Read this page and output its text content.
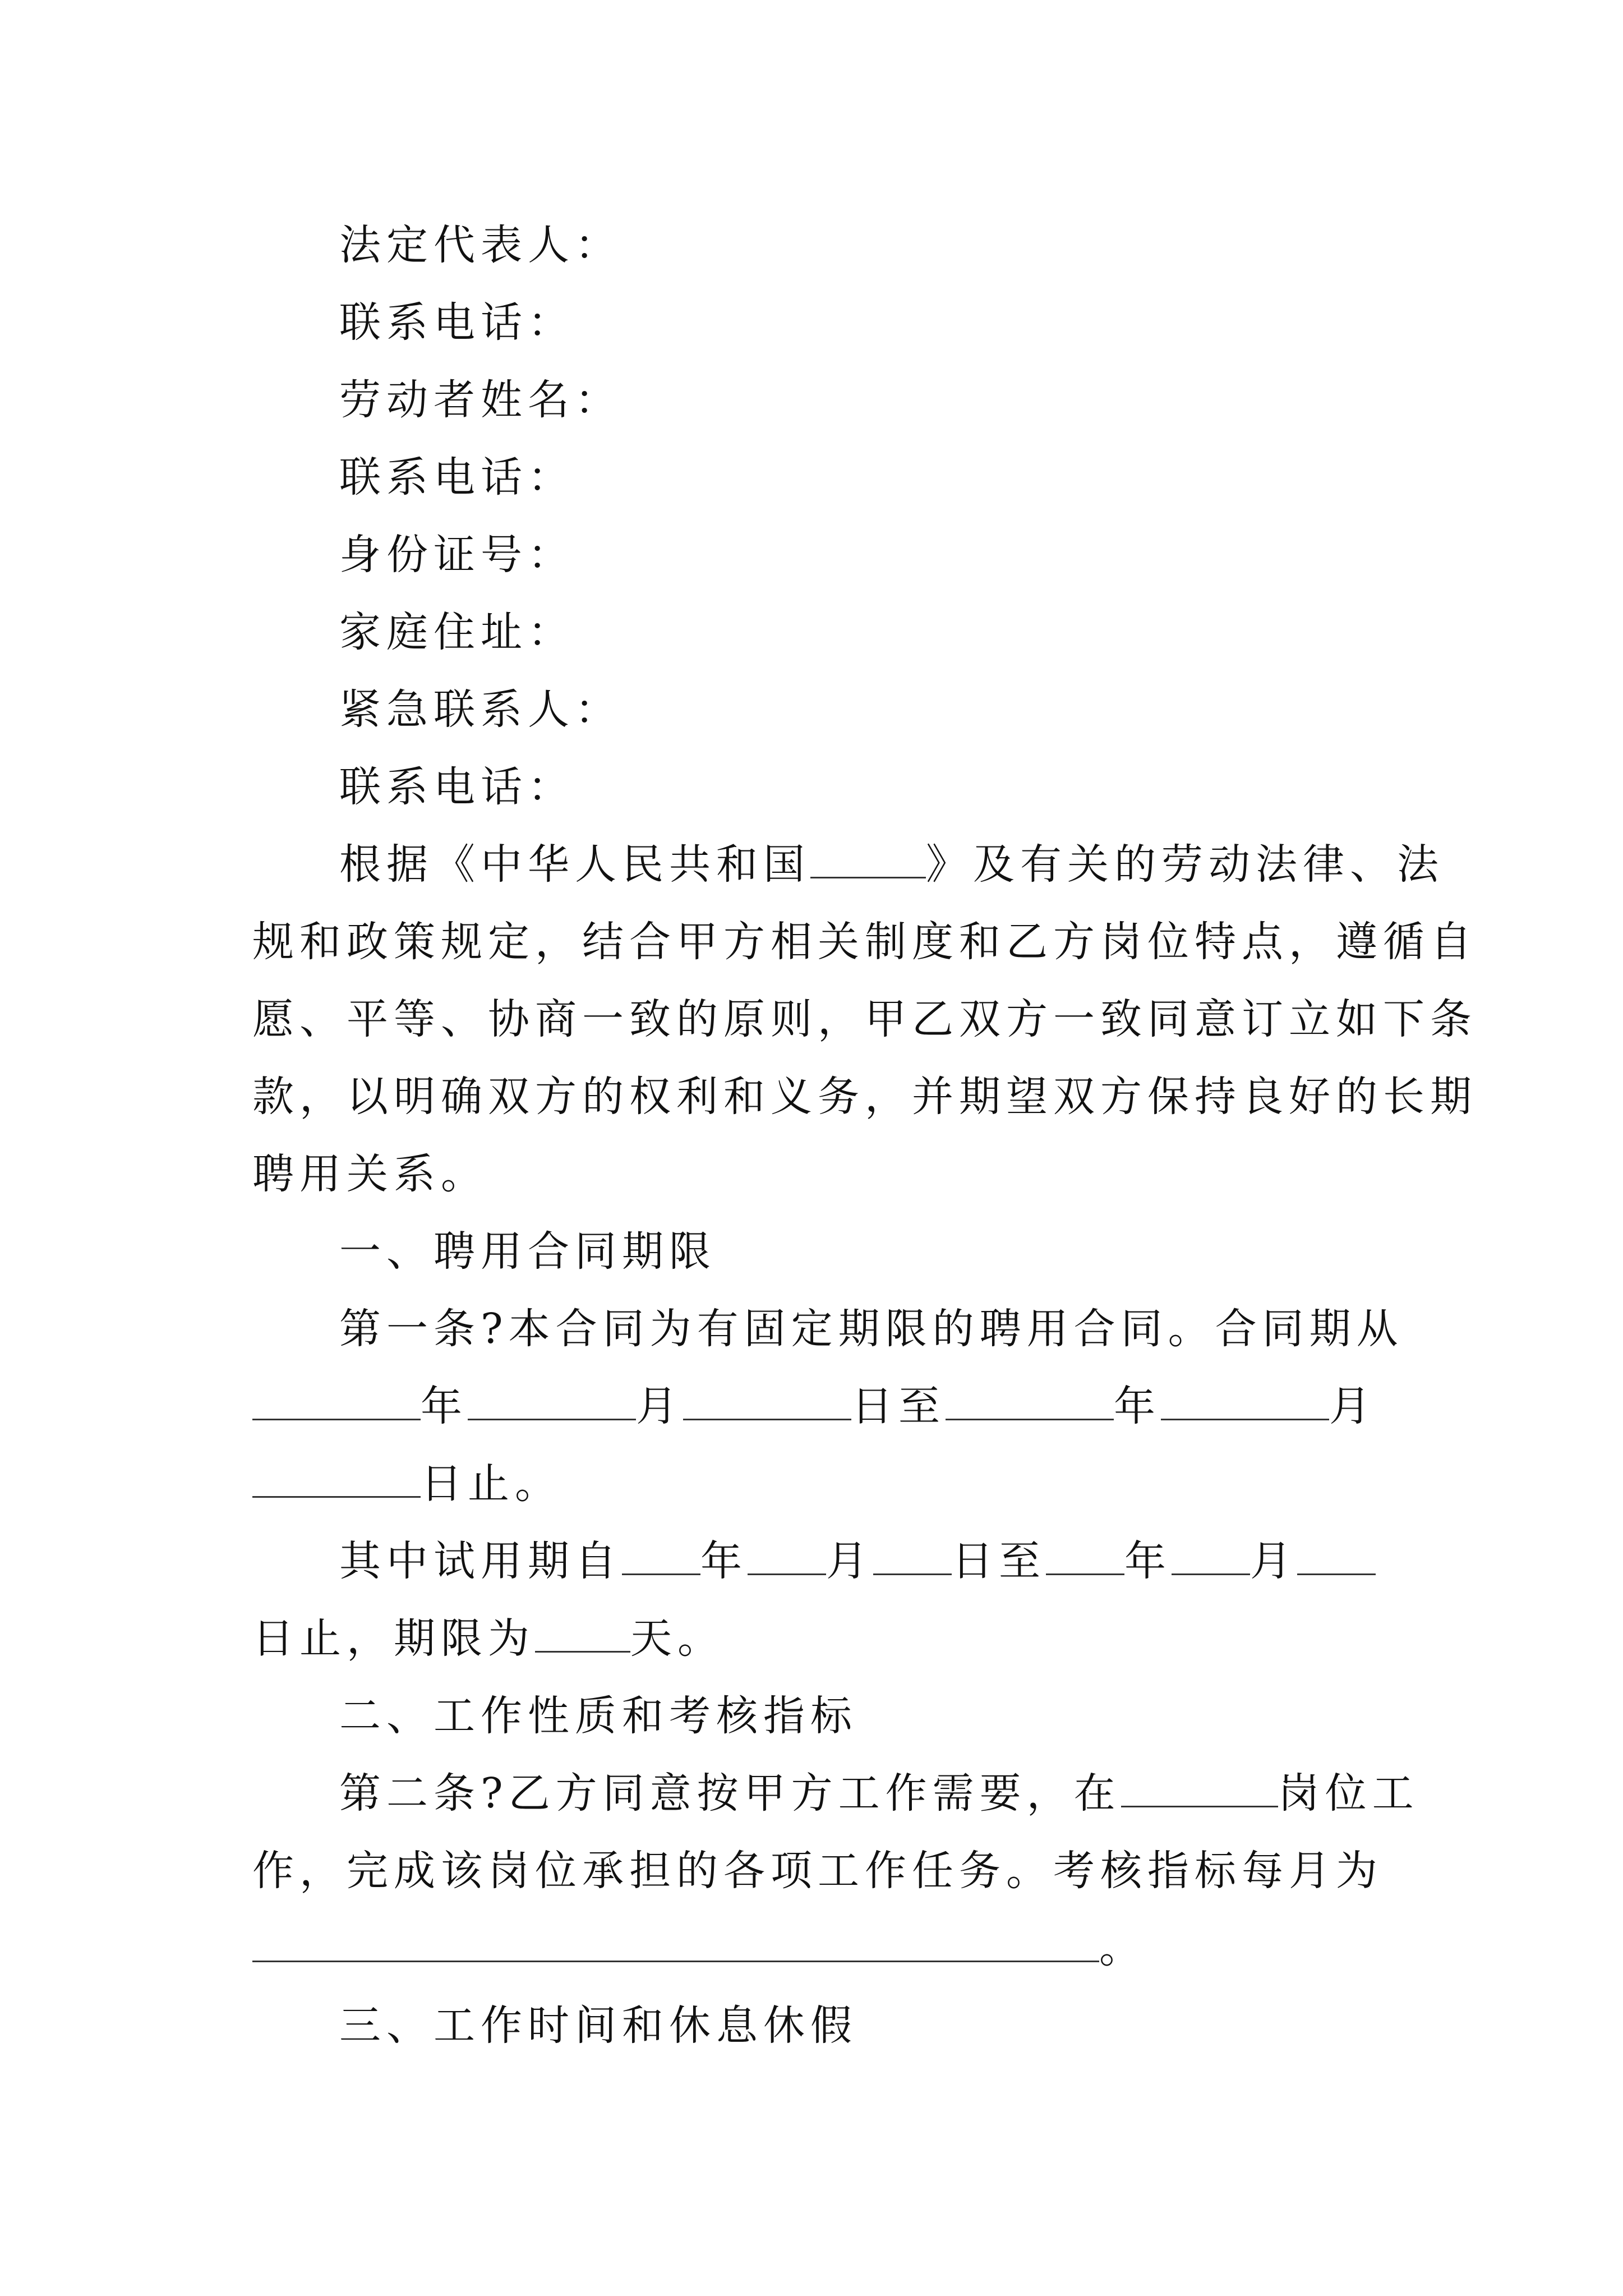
法定代表人：
联系电话：
劳动者姓名：
联系电话：
身份证号：
家庭住址：
紧急联系人：
联系电话：
根据《中华人民共和国	》及有关的劳动法律、法
规和政策规定，结合甲方相关制度和乙方岗位特点，遵循自
愿、平等、协商一致的原则，甲乙双方一致同意订立如下条
款，以明确双方的权利和义务，并期望双方保持良好的长期
聘用关系。
一、聘用合同期限
第一条?本合同为有固定期限的聘用合同。合同期从
年	月	日至	年	月
日止。
其中试用期自 年 月 日至 年 月
日止，期限为 天。
二、工作性质和考核指标
第二条?乙方同意按甲方工作需要，在	岗位工
作，完成该岗位承担的各项工作任务。考核指标每月为
。
三、工作时间和休息休假
